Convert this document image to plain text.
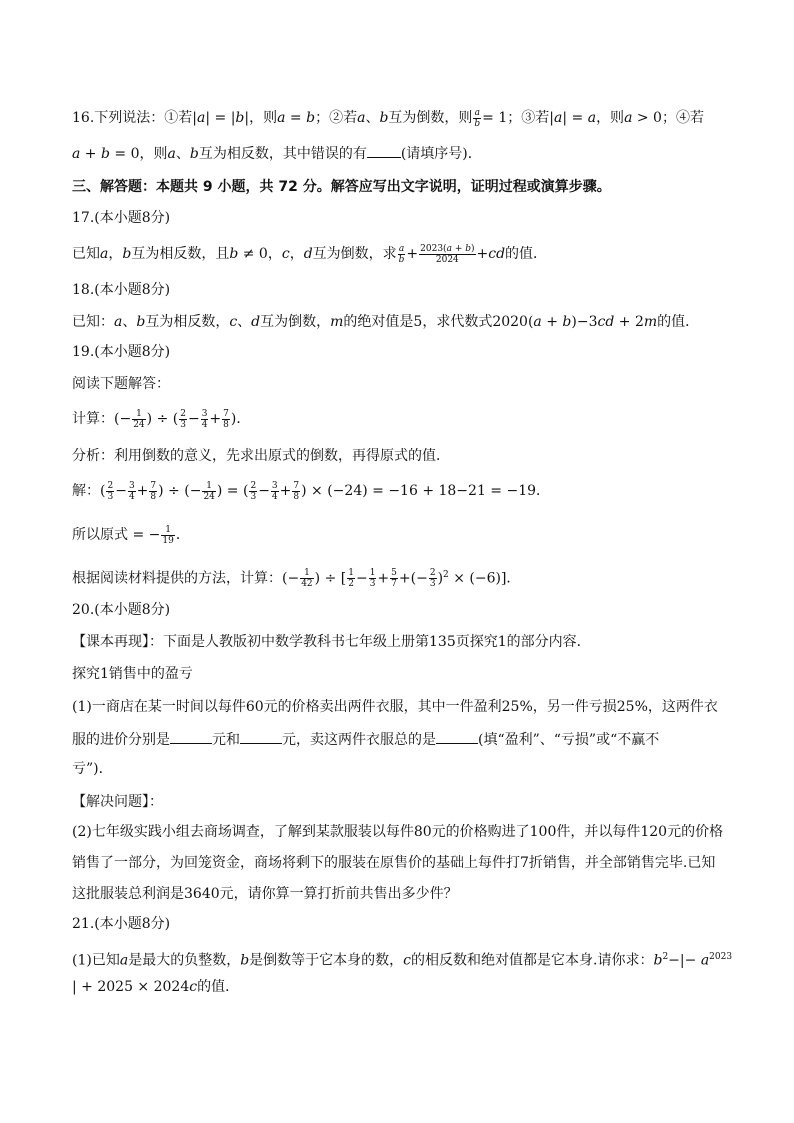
16.下列说法：①若|a| = |b|，则a = b；②若a、b互为倒数，则 $\frac{a}{b} = 1$；③若|a| = a，则a > 0；④若
a + b = 0，则a、b互为相反数，其中错误的有 (请填序号)．
三、解答题：本题共 9 小题，共 72 分。解答应写出文字说明，证明过程或演算步骤。
17.(本小题8分)
已知a，b互为相反数，且b ≠ 0，c，d互为倒数，求 $\frac{a}{b} + \frac{2023(a + b)}{2024} +cd$的值．
18.(本小题8分)
已知：a、b互为相反数，c、d互为倒数，m的绝对值是5，求代数式2020(a + b)−3cd + 2m的值．
19.(本小题8分)
阅读下题解答：
计算：(− $\frac{1}{24}$ ) ÷ ( $\frac{2}{3} - \frac{3}{4} + \frac{7}{8}$ )．
分析：利用倒数的意义，先求出原式的倒数，再得原式的值．
解：( $\frac{2}{3} - \frac{3}{4} + \frac{7}{8}$ ) ÷ (− $\frac{1}{24}$ ) = ( $\frac{2}{3} - \frac{3}{4} + \frac{7}{8}$ ) × (−24) = −16 + 18−21 = −19．
所以原式 = − $\frac{1}{19}$ ．
根据阅读材料提供的方法，计算：(− $\frac{1}{42}$ ) ÷ [ $\frac{1}{2} - \frac{1}{3} + \frac{5}{7}$ +(− $\frac{2}{3} )^2 \times (-6)$]．
20.(本小题8分)
【课本再现】：下面是人教版初中数学教科书七年级上册第135页探究1的部分内容．
探究1销售中的盈亏
(1)一商店在某一时间以每件60元的价格卖出两件衣服，其中一件盈利25%，另一件亏损25%，这两件衣
服的进价分别是	元和	元，卖这两件衣服总的是	(填“盈利”、“亏损”或“不赢不
亏”)．
【解决问题】：
(2)七年级实践小组去商场调查，了解到某款服装以每件80元的价格购进了100件，并以每件120元的价格
销售了一部分，为回笼资金，商场将剩下的服装在原售价的基础上每件打7折销售，并全部销售完毕.已知
这批服装总利润是3640元，请你算一算打折前共售出多少件？
21.(本小题8分)
(1)已知a是最大的负整数，b是倒数等于它本身的数，c的相反数和绝对值都是它本身.请你求：$b^2-|- a^{2023}$
| + 2025 × 2024c的值．
